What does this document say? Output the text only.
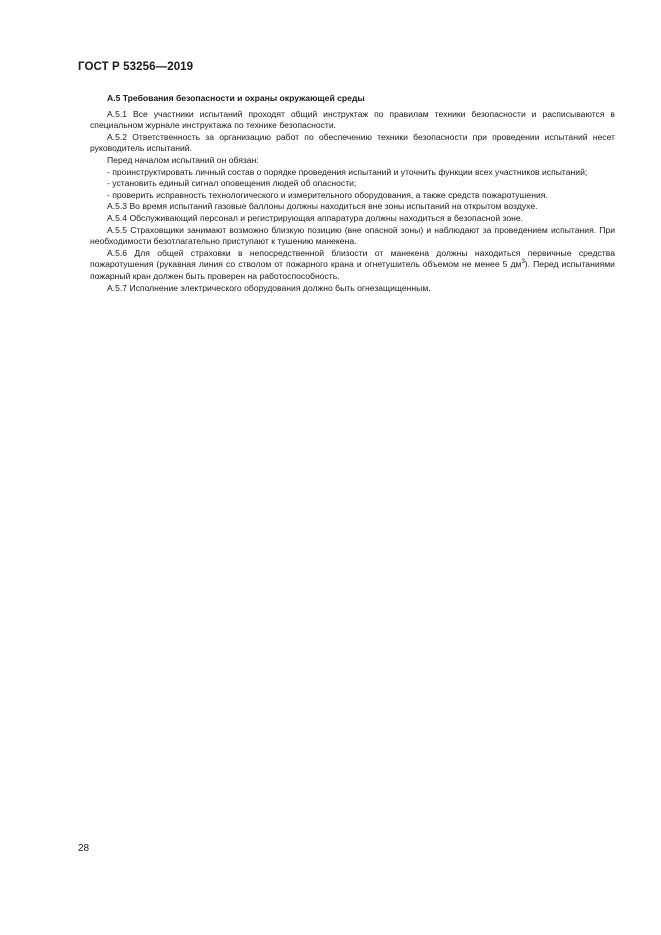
ГОСТ Р 53256—2019
А.5 Требования безопасности и охраны окружающей среды

А.5.1 Все участники испытаний проходят общий инструктаж по правилам техники безопасности и расписываются в специальном журнале инструктажа по технике безопасности.

А.5.2 Ответственность за организацию работ по обеспечению техники безопасности при проведении испытаний несет руководитель испытаний.

Перед началом испытаний он обязан:

- проинструктировать личный состав о порядке проведения испытаний и уточнить функции всех участников испытаний;

- установить единый сигнал оповещения людей об опасности;

- проверить исправность технологического и измерительного оборудования, а также средств пожаротушения.

А.5.3 Во время испытаний газовые баллоны должны находиться вне зоны испытаний на открытом воздухе.

А.5.4 Обслуживающий персонал и регистрирующая аппаратура должны находиться в безопасной зоне.

А.5.5 Страховщики занимают возможно близкую позицию (вне опасной зоны) и наблюдают за проведением испытания. При необходимости безотлагательно приступают к тушению манекена.

А.5.6 Для общей страховки в непосредственной близости от манекена должны находиться первичные средства пожаротушения (рукавная линия со стволом от пожарного крана и огнетушитель объемом не менее 5 $дм^3$). Перед испытаниями пожарный кран должен быть проверен на работоспособность.

А.5.7 Исполнение электрического оборудования должно быть огнезащищенным.

28
